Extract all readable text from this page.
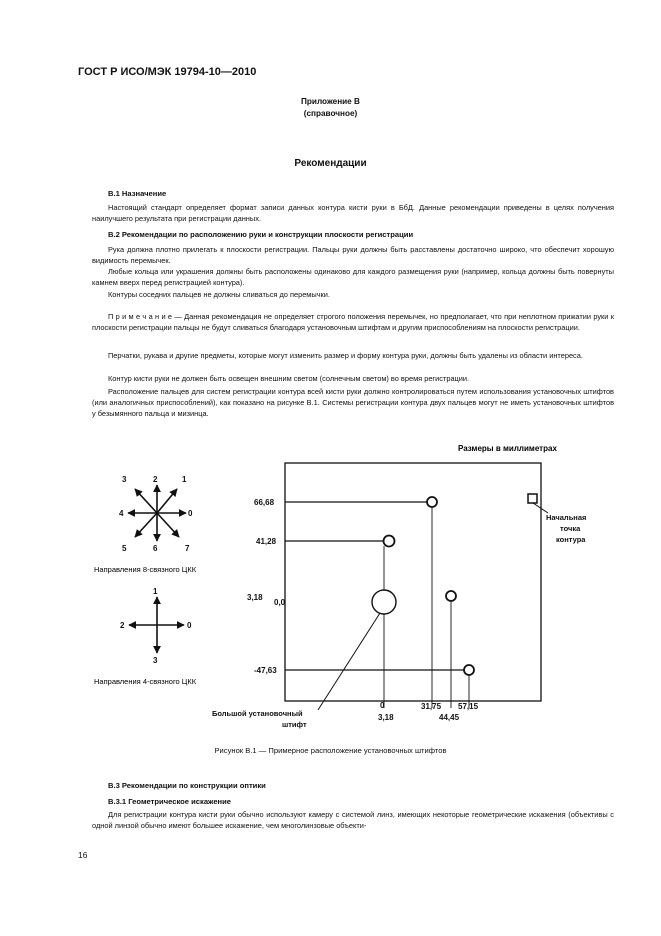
ГОСТ Р ИСО/МЭК 19794-10—2010
Приложение В
(справочное)
Рекомендации
В.1 Назначение
Настоящий стандарт определяет формат записи данных контура кисти руки в БбД. Данные рекомендации приведены в целях получения наилучшего результата при регистрации данных.
В.2 Рекомендации по расположению руки и конструкции плоскости регистрации
Рука должна плотно прилегать к плоскости регистрации. Пальцы руки должны быть расставлены достаточно широко, что обеспечит хорошую видимость перемычек.
Любые кольца или украшения должны быть расположены одинаково для каждого размещения руки (например, кольца должны быть повернуты камнем вверх перед регистрацией контура).
Контуры соседних пальцев не должны сливаться до перемычки.
П р и м е ч а н и е — Данная рекомендация не определяет строгого положения перемычек, но предполагает, что при неплотном прижатии руки к плоскости регистрации пальцы не будут сливаться благодаря установочным штифтам и другим приспособлениям на плоскости регистрации.
Перчатки, рукава и другие предметы, которые могут изменить размер и форму контура руки, должны быть удалены из области интереса.
Контур кисти руки не должен быть освещен внешним светом (солнечным светом) во время регистрации.
Расположение пальцев для систем регистрации контура всей кисти руки должно контролироваться путем использования установочных штифтов (или аналогичных приспособлений), как показано на рисунке В.1. Системы регистрации контура двух пальцев могут не иметь установочных штифтов у безымянного пальца и мизинца.
Размеры в миллиметрах
0
1
2
3
4
5	6	7
Направления 8-связного ЦКК
0
1
2
3
Направления 4-связного ЦКК
66,68
41,28
3,18
0,0
-47,63
0
3,18
31,75
44,45
57,15
Начальная
точка
контура
Большой установочный
штифт
Рисунок В.1 — Примерное расположение установочных штифтов
В.3 Рекомендации по конструкции оптики
В.3.1 Геометрическое искажение
Для регистрации контура кисти руки обычно используют камеру с системой линз, имеющих некоторые геометрические искажения (объективы с одной линзой обычно имеют большее искажение, чем многолинзовые объекти-
16
